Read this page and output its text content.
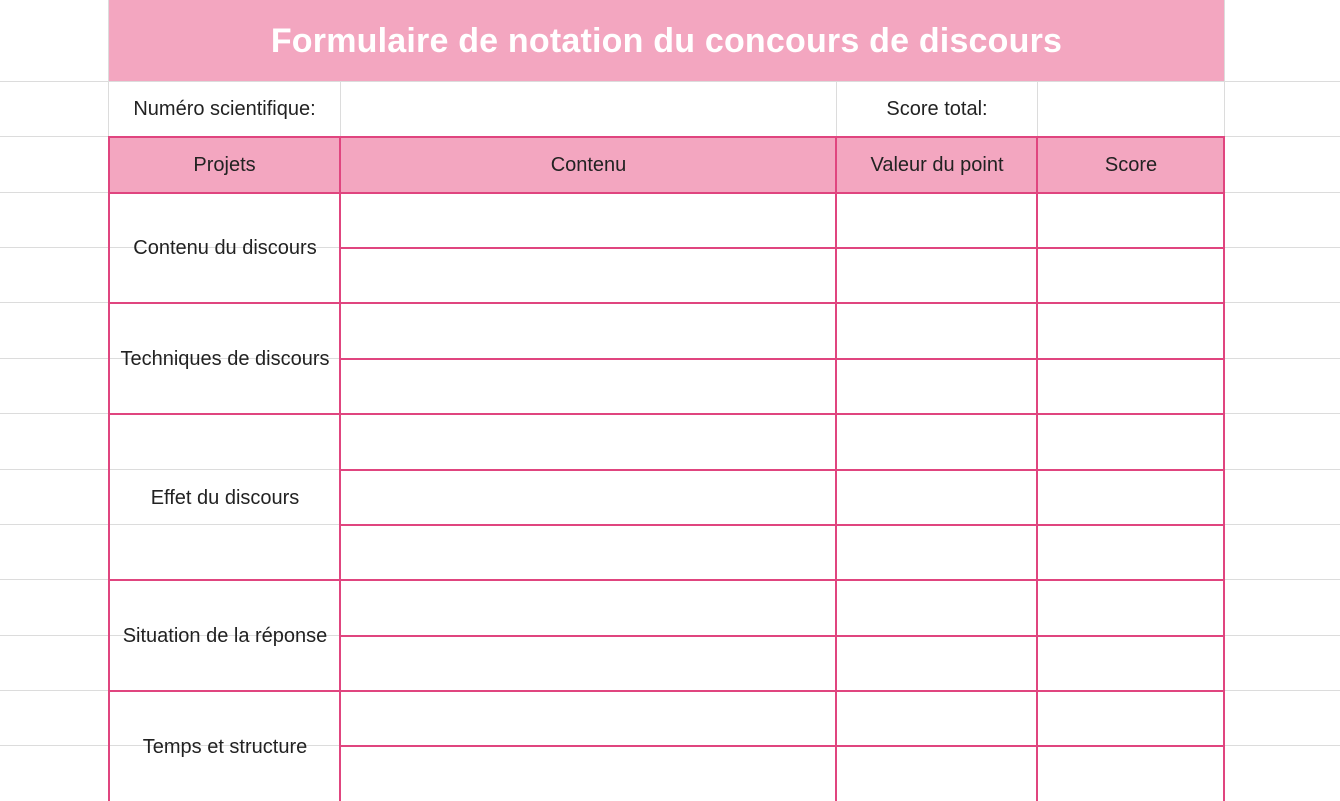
Formulaire de notation du concours de discours
Numéro scientifique:	Score total:
Projets	Contenu	Valeur du point	Score
Contenu du discours
Techniques de discours
Effet du discours
Situation de la réponse
Temps et structure
